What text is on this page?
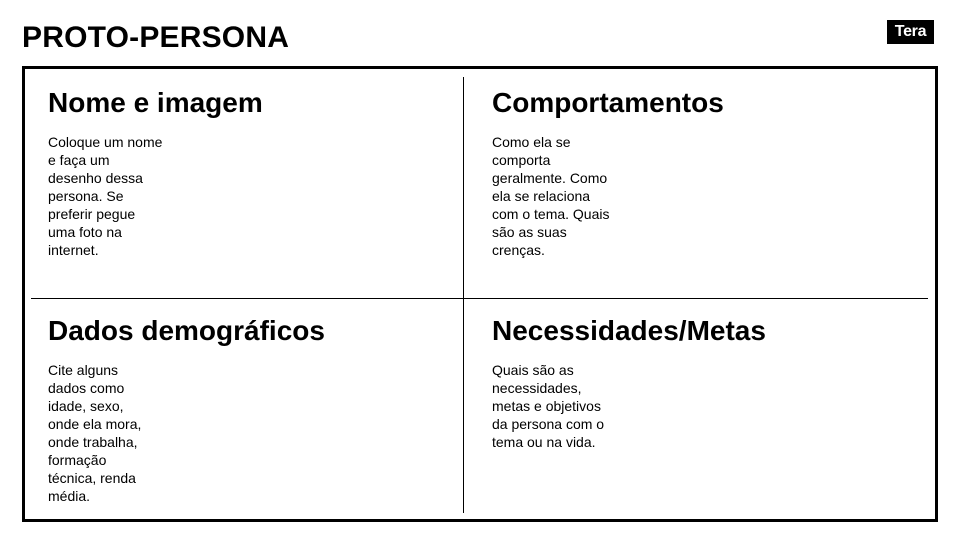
PROTO-PERSONA	Tera
Nome e imagem

Coloque um nome e faça um desenho dessa persona. Se preferir pegue uma foto na internet.

Comportamentos

Como ela se comporta geralmente. Como ela se relaciona com o tema. Quais são as suas crenças.

Dados demográficos

Cite alguns dados como idade, sexo, onde ela mora, onde trabalha, formação técnica, renda média.

Necessidades/Metas

Quais são as necessidades, metas e objetivos da persona com o tema ou na vida.
